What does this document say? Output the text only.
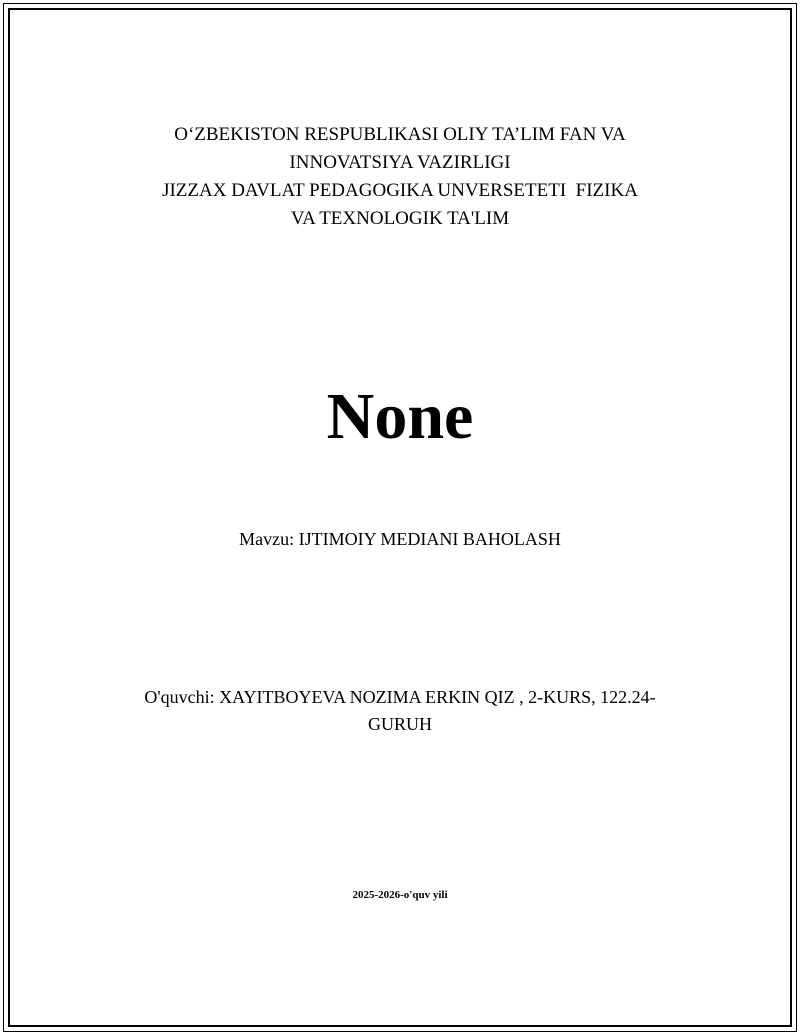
O‘ZBEKISTON RESPUBLIKASI OLIY TA’LIM FAN VA
INNOVATSIYA VAZIRLIGI
JIZZAX DAVLAT PEDAGOGIKA UNVERSETETI  FIZIKA
VA TEXNOLOGIK TA'LIM
None
Mavzu: IJTIMOIY MEDIANI BAHOLASH
O'quvchi: XAYITBOYEVA NOZIMA ERKIN QIZ , 2-KURS, 122.24-
GURUH
2025-2026-o'quv yili
